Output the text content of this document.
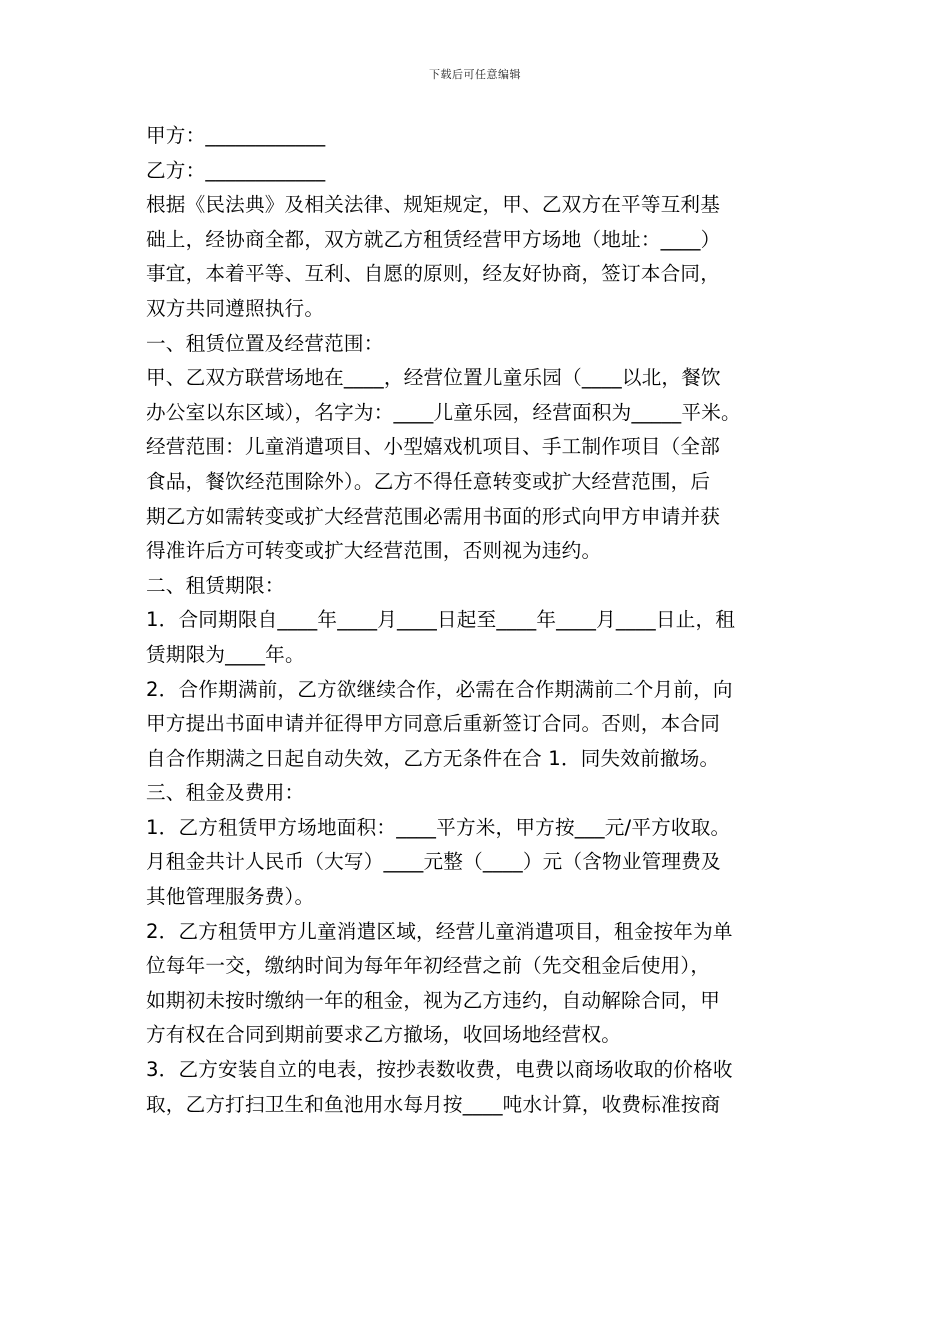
下载后可任意编辑
甲方：____________
乙方：____________
根据《民法典》及相关法律、规矩规定，甲、乙双方在平等互利基
础上，经协商全都，双方就乙方租赁经营甲方场地（地址：____）
事宜，本着平等、互利、自愿的原则，经友好协商，签订本合同，
双方共同遵照执行。
一、租赁位置及经营范围：
甲、乙双方联营场地在____，经营位置儿童乐园（____以北，餐饮
办公室以东区域），名字为：____儿童乐园，经营面积为_____平米。
经营范围：儿童消遣项目、小型嬉戏机项目、手工制作项目（全部
食品，餐饮经范围除外）。乙方不得任意转变或扩大经营范围，后
期乙方如需转变或扩大经营范围必需用书面的形式向甲方申请并获
得准许后方可转变或扩大经营范围，否则视为违约。
二、租赁期限：
1．合同期限自____年____月____日起至____年____月____日止，租
赁期限为____年。
2．合作期满前，乙方欲继续合作，必需在合作期满前二个月前，向
甲方提出书面申请并征得甲方同意后重新签订合同。否则，本合同
自合作期满之日起自动失效，乙方无条件在合 1．同失效前撤场。
三、租金及费用：
1．乙方租赁甲方场地面积：____平方米，甲方按___元/平方收取。
月租金共计人民币（大写）____元整（____）元（含物业管理费及
其他管理服务费）。
2．乙方租赁甲方儿童消遣区域，经营儿童消遣项目，租金按年为单
位每年一交，缴纳时间为每年年初经营之前（先交租金后使用），
如期初未按时缴纳一年的租金，视为乙方违约，自动解除合同，甲
方有权在合同到期前要求乙方撤场，收回场地经营权。
3．乙方安装自立的电表，按抄表数收费，电费以商场收取的价格收
取，乙方打扫卫生和鱼池用水每月按____吨水计算，收费标准按商
